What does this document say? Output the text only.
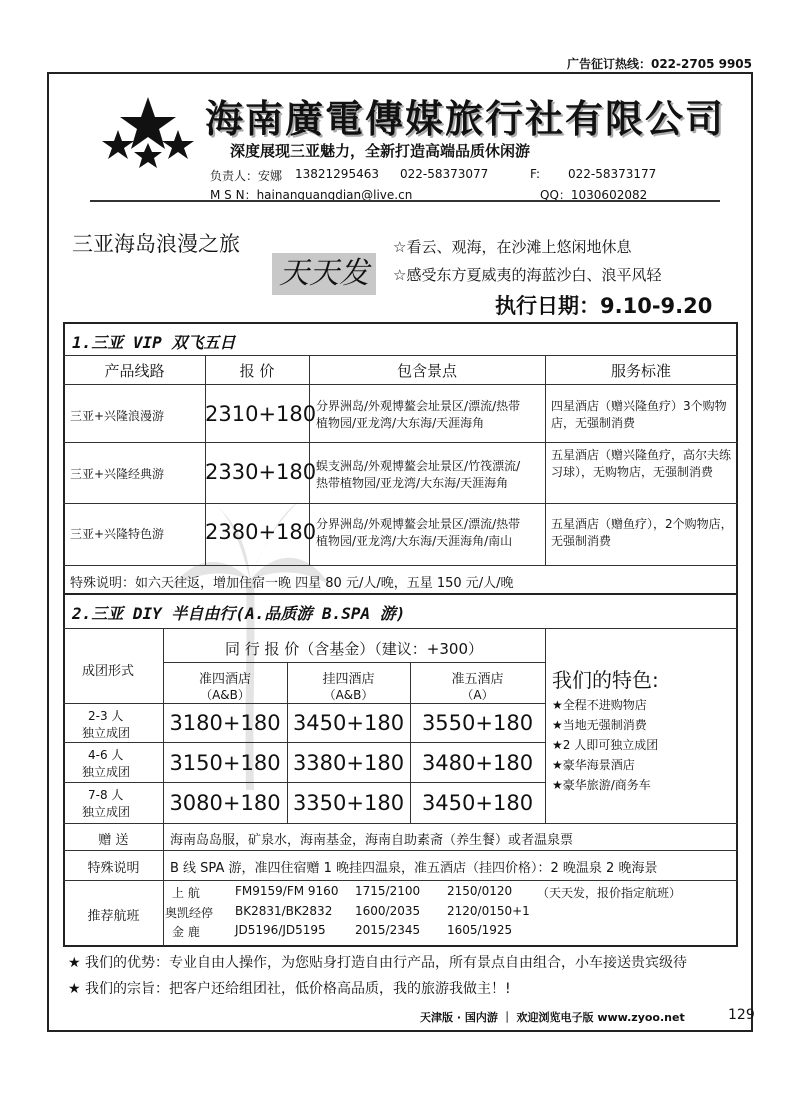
广告征订热线：022-2705 9905
海南廣電傳媒旅行社有限公司
深度展现三亚魅力，全新打造高端品质休闲游
负责人：安娜 13821295463 022-58373077	F: 022-58373177
M S N：hainanguangdian@live.cn	QQ：1030602082
三亚海岛浪漫之旅
天天发
☆看云、观海，在沙滩上悠闲地休息
☆感受东方夏威夷的海蓝沙白、浪平风轻
执行日期：9.10-9.20
1.三亚 VIP 双飞五日
产品线路	报 价	包含景点	服务标准
三亚+兴隆浪漫游 2310+180 分界洲岛/外观博鳌会址景区/漂流/热带
植物园/亚龙湾/大东海/天涯海角
四星酒店（赠兴隆鱼疗）3个购物店，无强制消费
三亚+兴隆经典游 2330+180 蜈支洲岛/外观博鳌会址景区/竹筏漂流/
热带植物园/亚龙湾/大东海/天涯海角
五星酒店（赠兴隆鱼疗，高尔夫练习球），无购物店，无强制消费
三亚+兴隆特色游 2380+180 分界洲岛/外观博鳌会址景区/漂流/热带
植物园/亚龙湾/大东海/天涯海角/南山
五星酒店（赠鱼疗），2个购物店，无强制消费
特殊说明：如六天往返，增加住宿一晚 四星 80 元/人/晚，五星 150 元/人/晚
2.三亚 DIY 半自由行(A.品质游 B.SPA 游)
成团形式
同 行 报 价（含基金）（建议：+300）
准四酒店
（A&B）
挂四酒店
（A&B）
准五酒店
（A）
2-3 人
独立成团	3180+180 3450+180 3550+180
4-6 人
独立成团	3150+180 3380+180 3480+180
7-8 人
独立成团	3080+180 3350+180 3450+180
我们的特色:
★全程不进购物店
★当地无强制消费
★2 人即可独立成团
★豪华海景酒店
★豪华旅游/商务车
赠 送	海南岛岛服，矿泉水，海南基金，海南自助素斋（养生餐）或者温泉票
特殊说明	B 线 SPA 游，准四住宿赠 1 晚挂四温泉，准五酒店（挂四价格）：2 晚温泉 2 晚海景
推荐航班
上 航	FM9159/FM 9160 1715/2100 2150/0120 （天天发，报价指定航班）
奥凯经停 BK2831/BK2832 1600/2035 2120/0150+1
金 鹿	JD5196/JD5195 2015/2345 1605/1925
★ 我们的优势：专业自由人操作，为您贴身打造自由行产品，所有景点自由组合，小车接送贵宾级待
★ 我们的宗旨：把客户还给组团社，低价格高品质，我的旅游我做主！!
天津版 · 国内游 ｜ 欢迎浏览电子版 www.zyoo.net	129
